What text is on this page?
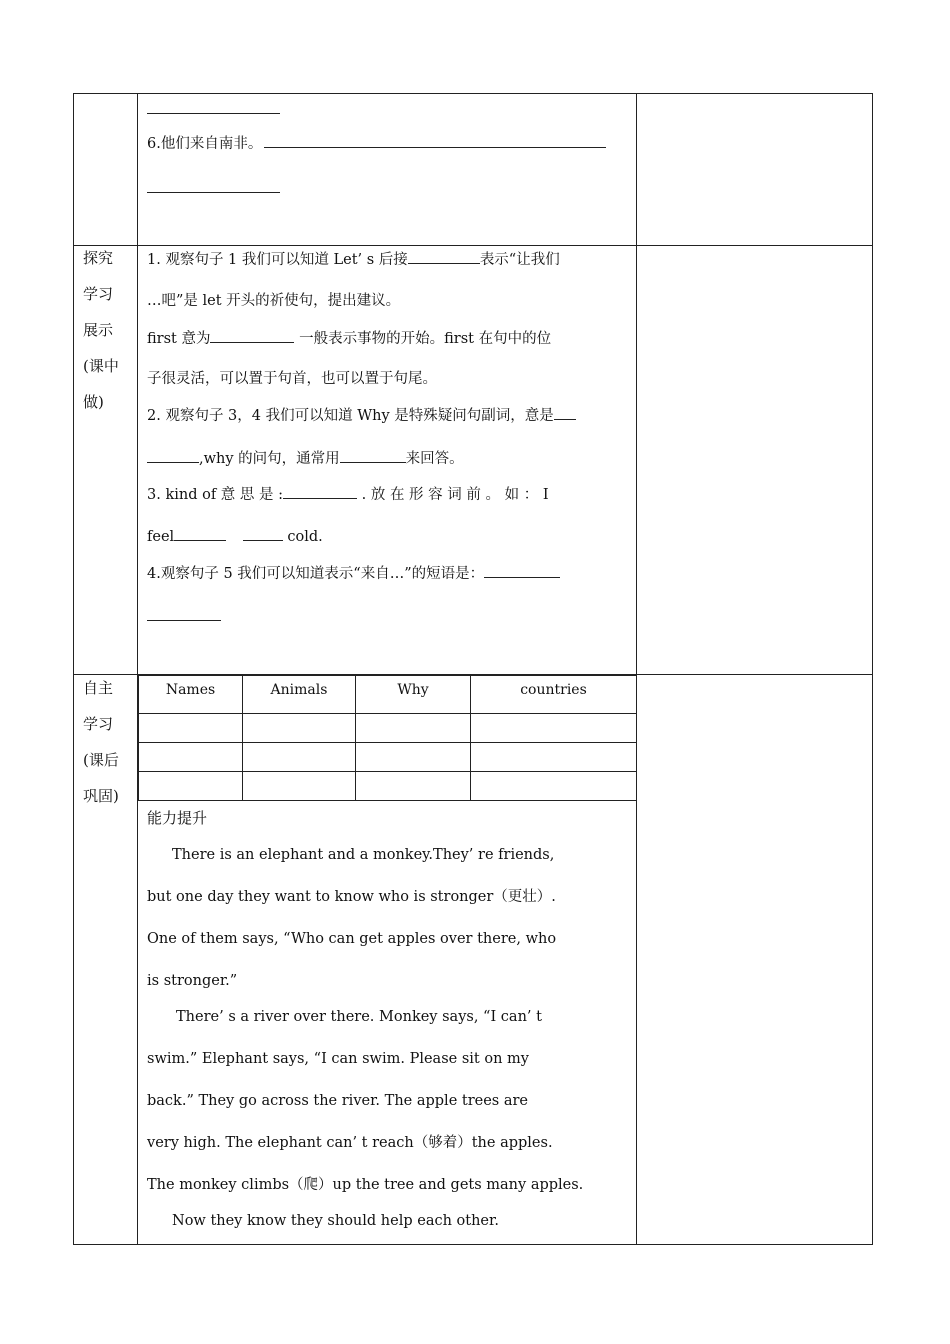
6.他们来自南非。
探究
学习
展示
(课中
做)
1. 观察句子 1 我们可以知道 Let’ s 后接	表示“让我们
…吧”是 let 开头的祈使句，提出建议。
first 意为	一般表示事物的开始。first 在句中的位
子很灵活，可以置于句首，也可以置于句尾。
2. 观察句子 3，4 我们可以知道 Why 是特殊疑问句副词，意是
,why 的问句，通常用	来回答。
3. kind of 意 思 是 :	. 放 在 形 容 词 前 。 如 ： I
feel	cold.
4.观察句子 5 我们可以知道表示“来自…”的短语是：
自主
学习
(课后
巩固)
Names	Animals	Why	countries

能力提升
There is an elephant and a monkey.They’ re friends,
but one day they want to know who is stronger（更壮）.
One of them says, “Who can get apples over there, who
is stronger.”
There’ s a river over there. Monkey says, “I can’ t
swim.” Elephant says, “I can swim. Please sit on my
back.” They go across the river. The apple trees are
very high. The elephant can’ t reach（够着）the apples.
The monkey climbs（爬）up the tree and gets many apples.
Now they know they should help each other.
